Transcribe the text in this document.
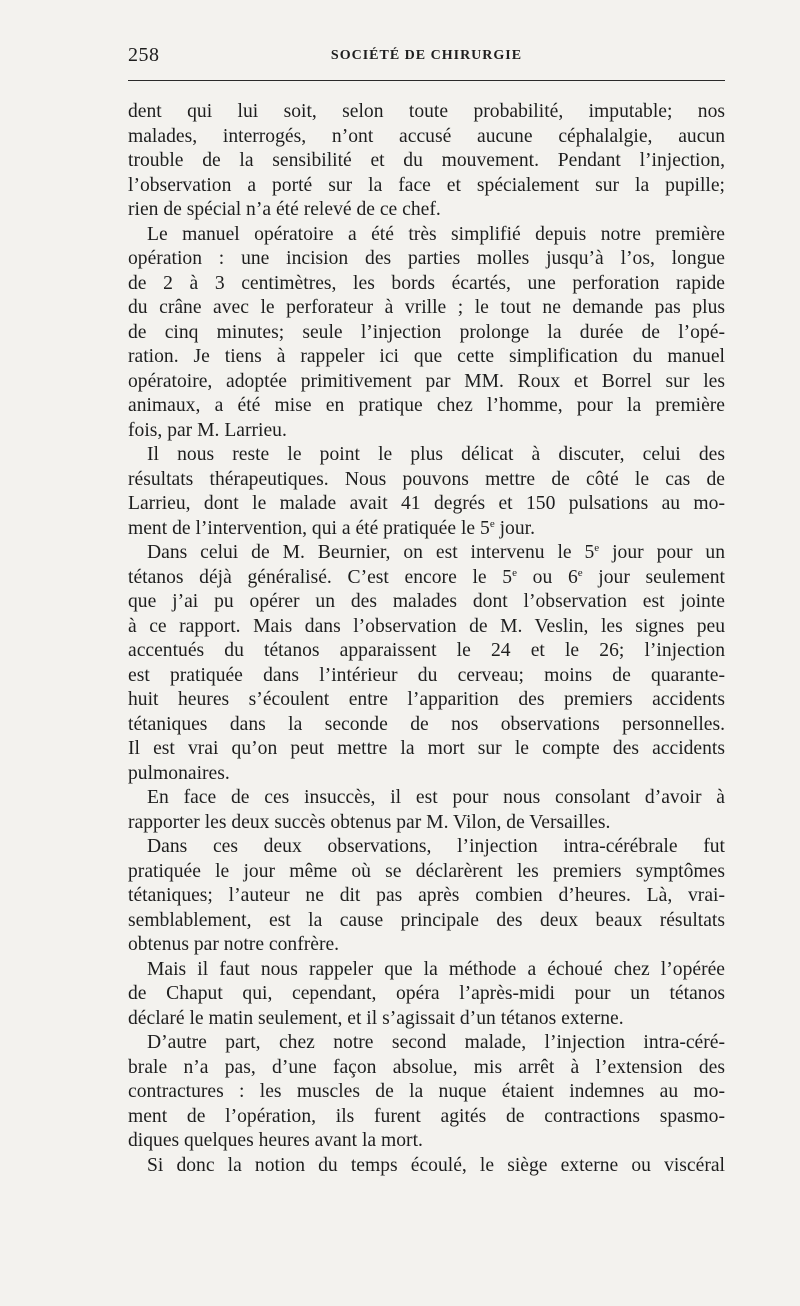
258	SOCIÉTÉ DE CHIRURGIE

dent qui lui soit, selon toute probabilité, imputable; nos

malades, interrogés, n’ont accusé aucune céphalalgie, aucun

trouble de la sensibilité et du mouvement. Pendant l’injection,

l’observation a porté sur la face et spécialement sur la pupille;

rien de spécial n’a été relevé de ce chef.

Le manuel opératoire a été très simplifié depuis notre première

opération : une incision des parties molles jusqu’à l’os, longue

de 2 à 3 centimètres, les bords écartés, une perforation rapide

du crâne avec le perforateur à vrille ; le tout ne demande pas plus

de cinq minutes; seule l’injection prolonge la durée de l’opé-

ration. Je tiens à rappeler ici que cette simplification du manuel

opératoire, adoptée primitivement par MM. Roux et Borrel sur les

animaux, a été mise en pratique chez l’homme, pour la première

fois, par M. Larrieu.

Il nous reste le point le plus délicat à discuter, celui des

résultats thérapeutiques. Nous pouvons mettre de côté le cas de

Larrieu, dont le malade avait 41 degrés et 150 pulsations au mo-

ment de l’intervention, qui a été pratiquée le 5e jour.

Dans celui de M. Beurnier, on est intervenu le 5e jour pour un

tétanos déjà généralisé. C’est encore le 5e ou 6e jour seulement

que j’ai pu opérer un des malades dont l’observation est jointe

à ce rapport. Mais dans l’observation de M. Veslin, les signes peu

accentués du tétanos apparaissent le 24 et le 26; l’injection

est pratiquée dans l’intérieur du cerveau; moins de quarante-

huit heures s’écoulent entre l’apparition des premiers accidents

tétaniques dans la seconde de nos observations personnelles.

Il est vrai qu’on peut mettre la mort sur le compte des accidents

pulmonaires.

En face de ces insuccès, il est pour nous consolant d’avoir à

rapporter les deux succès obtenus par M. Vilon, de Versailles.

Dans ces deux observations, l’injection intra-cérébrale fut

pratiquée le jour même où se déclarèrent les premiers symptômes

tétaniques; l’auteur ne dit pas après combien d’heures. Là, vrai-

semblablement, est la cause principale des deux beaux résultats

obtenus par notre confrère.

Mais il faut nous rappeler que la méthode a échoué chez l’opérée

de Chaput qui, cependant, opéra l’après-midi pour un tétanos

déclaré le matin seulement, et il s’agissait d’un tétanos externe.

D’autre part, chez notre second malade, l’injection intra-céré-

brale n’a pas, d’une façon absolue, mis arrêt à l’extension des

contractures : les muscles de la nuque étaient indemnes au mo-

ment de l’opération, ils furent agités de contractions spasmo-

diques quelques heures avant la mort.

Si donc la notion du temps écoulé, le siège externe ou viscéral
